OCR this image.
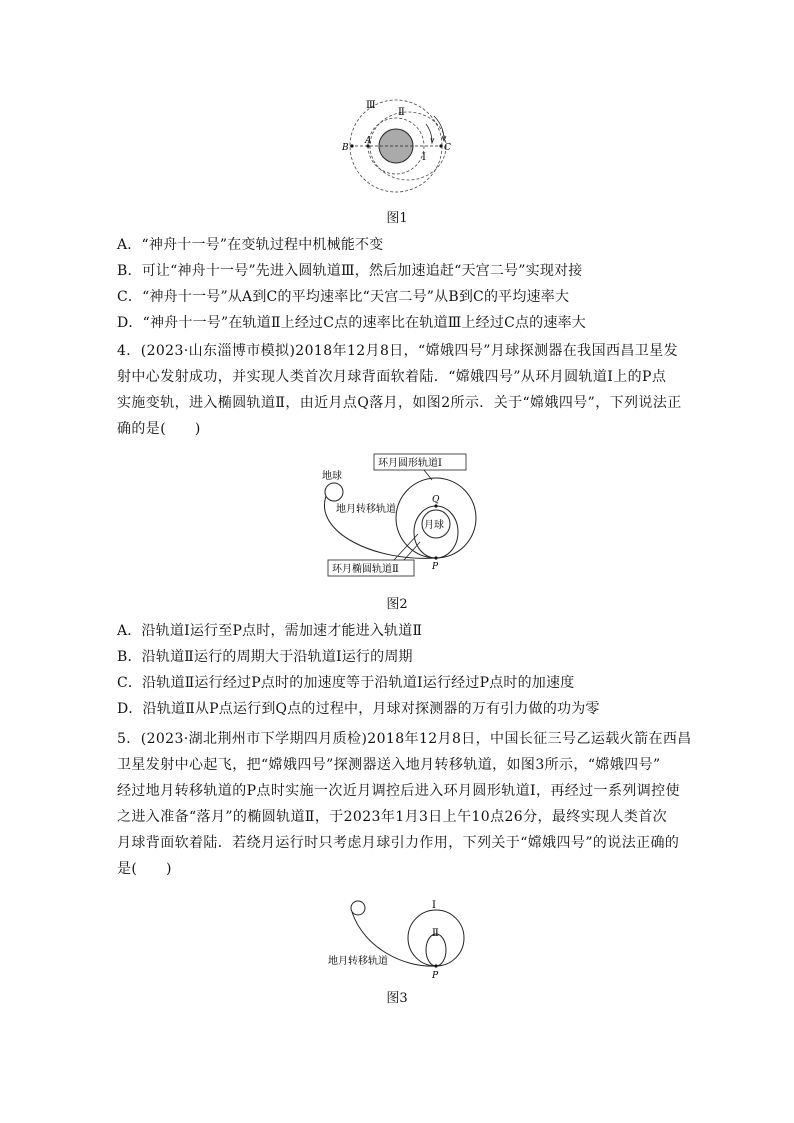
Ⅲ
Ⅱ
Ⅰ
A
B	C
图1
A．“神舟十一号”在变轨过程中机械能不变
B．可让“神舟十一号”先进入圆轨道Ⅲ，然后加速追赶“天宫二号”实现对接
C．“神舟十一号”从A到C的平均速率比“天宫二号”从B到C的平均速率大
D．“神舟十一号”在轨道Ⅱ上经过C点的速率比在轨道Ⅲ上经过C点的速率大
4．(2023·山东淄博市模拟)2018年12月8日，“嫦娥四号”月球探测器在我国西昌卫星发
射中心发射成功，并实现人类首次月球背面软着陆．“嫦娥四号”从环月圆轨道Ⅰ上的P点
实施变轨，进入椭圆轨道Ⅱ，由近月点Q落月，如图2所示．关于“嫦娥四号”，下列说法正
确的是(　　)
地球
环月圆形轨道Ⅰ
地月转移轨道
月球
环月椭圆轨道Ⅱ
Q
P
图2
A．沿轨道Ⅰ运行至P点时，需加速才能进入轨道Ⅱ
B．沿轨道Ⅱ运行的周期大于沿轨道Ⅰ运行的周期
C．沿轨道Ⅱ运行经过P点时的加速度等于沿轨道Ⅰ运行经过P点时的加速度
D．沿轨道Ⅱ从P点运行到Q点的过程中，月球对探测器的万有引力做的功为零
5．(2023·湖北荆州市下学期四月质检)2018年12月8日，中国长征三号乙运载火箭在西昌
卫星发射中心起飞，把“嫦娥四号”探测器送入地月转移轨道，如图3所示，“嫦娥四号”
经过地月转移轨道的P点时实施一次近月调控后进入环月圆形轨道Ⅰ，再经过一系列调控使
之进入准备“落月”的椭圆轨道Ⅱ，于2023年1月3日上午10点26分，最终实现人类首次
月球背面软着陆．若绕月运行时只考虑月球引力作用，下列关于“嫦娥四号”的说法正确的
是(　　)
Ⅰ
Ⅱ
地月转移轨道
P
图3
